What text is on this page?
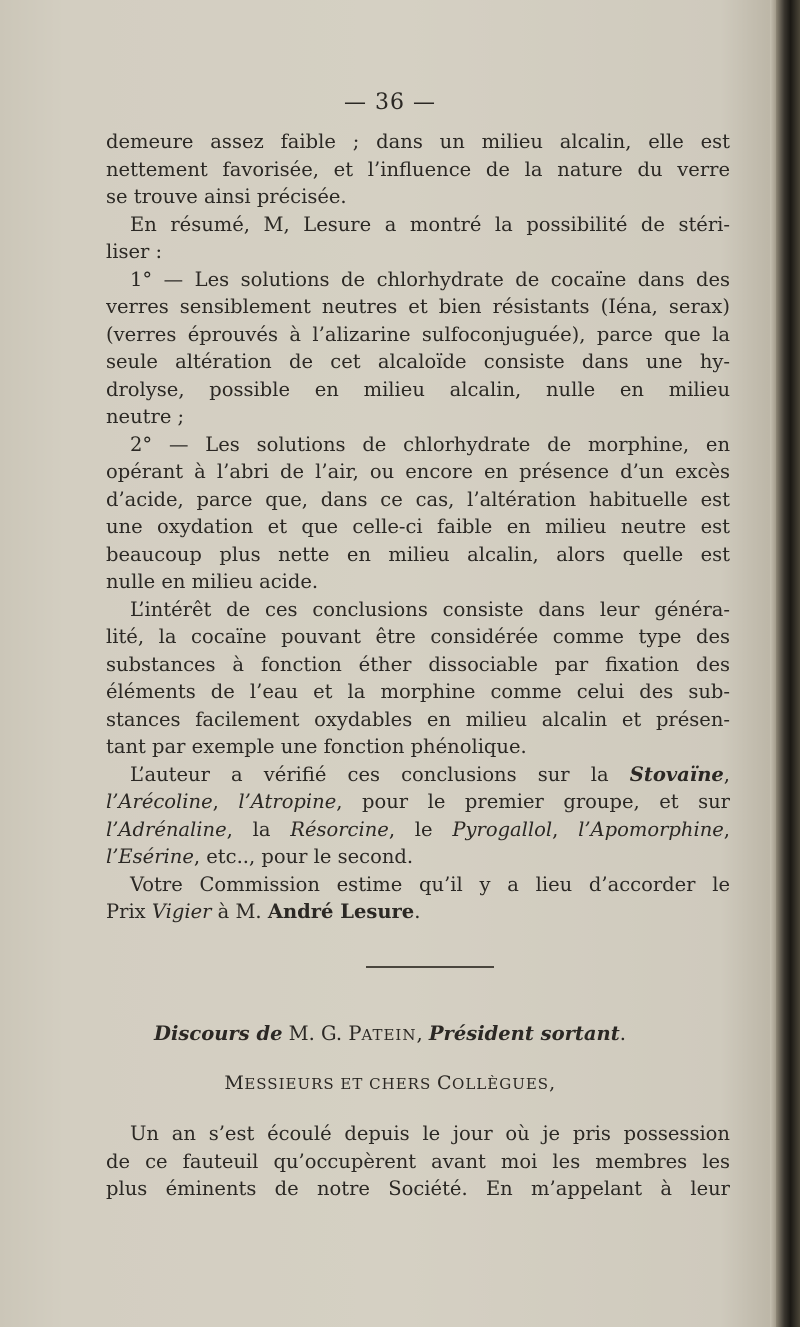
— 36 —
demeure assez faible ; dans un milieu alcalin, elle est
nettement favorisée, et l’influence de la nature du verre
se trouve ainsi précisée.
En résumé, M, Lesure a montré la possibilité de stéri-
liser :
1° — Les solutions de chlorhydrate de cocaïne dans des
verres sensiblement neutres et bien résistants (Iéna, serax)
(verres éprouvés à l’alizarine sulfoconjuguée), parce que la
seule altération de cet alcaloïde consiste dans une hy-
drolyse, possible en milieu alcalin, nulle en milieu
neutre ;
2° — Les solutions de chlorhydrate de morphine, en
opérant à l’abri de l’air, ou encore en présence d’un excès
d’acide, parce que, dans ce cas, l’altération habituelle est
une oxydation et que celle-ci faible en milieu neutre est
beaucoup plus nette en milieu alcalin, alors quelle est
nulle en milieu acide.
L’intérêt de ces conclusions consiste dans leur généra-
lité, la cocaïne pouvant être considérée comme type des
substances à fonction éther dissociable par fixation des
éléments de l’eau et la morphine comme celui des sub-
stances facilement oxydables en milieu alcalin et présen-
tant par exemple une fonction phénolique.
L’auteur a vérifié ces conclusions sur la Stovaïne,
l’Arécoline, l’Atropine, pour le premier groupe, et sur
l’Adrénaline, la Résorcine, le Pyrogallol, l’Apomorphine,
l’Esérine, etc.., pour le second.
Votre Commission estime qu’il y a lieu d’accorder le
Prix Vigier à M. André Lesure.
Discours de M. G. PATEIN, Président sortant.
MESSIEURS ET CHERS COLLÈGUES,
Un an s’est écoulé depuis le jour où je pris possession
de ce fauteuil qu’occupèrent avant moi les membres les
plus éminents de notre Société. En m’appelant à leur
